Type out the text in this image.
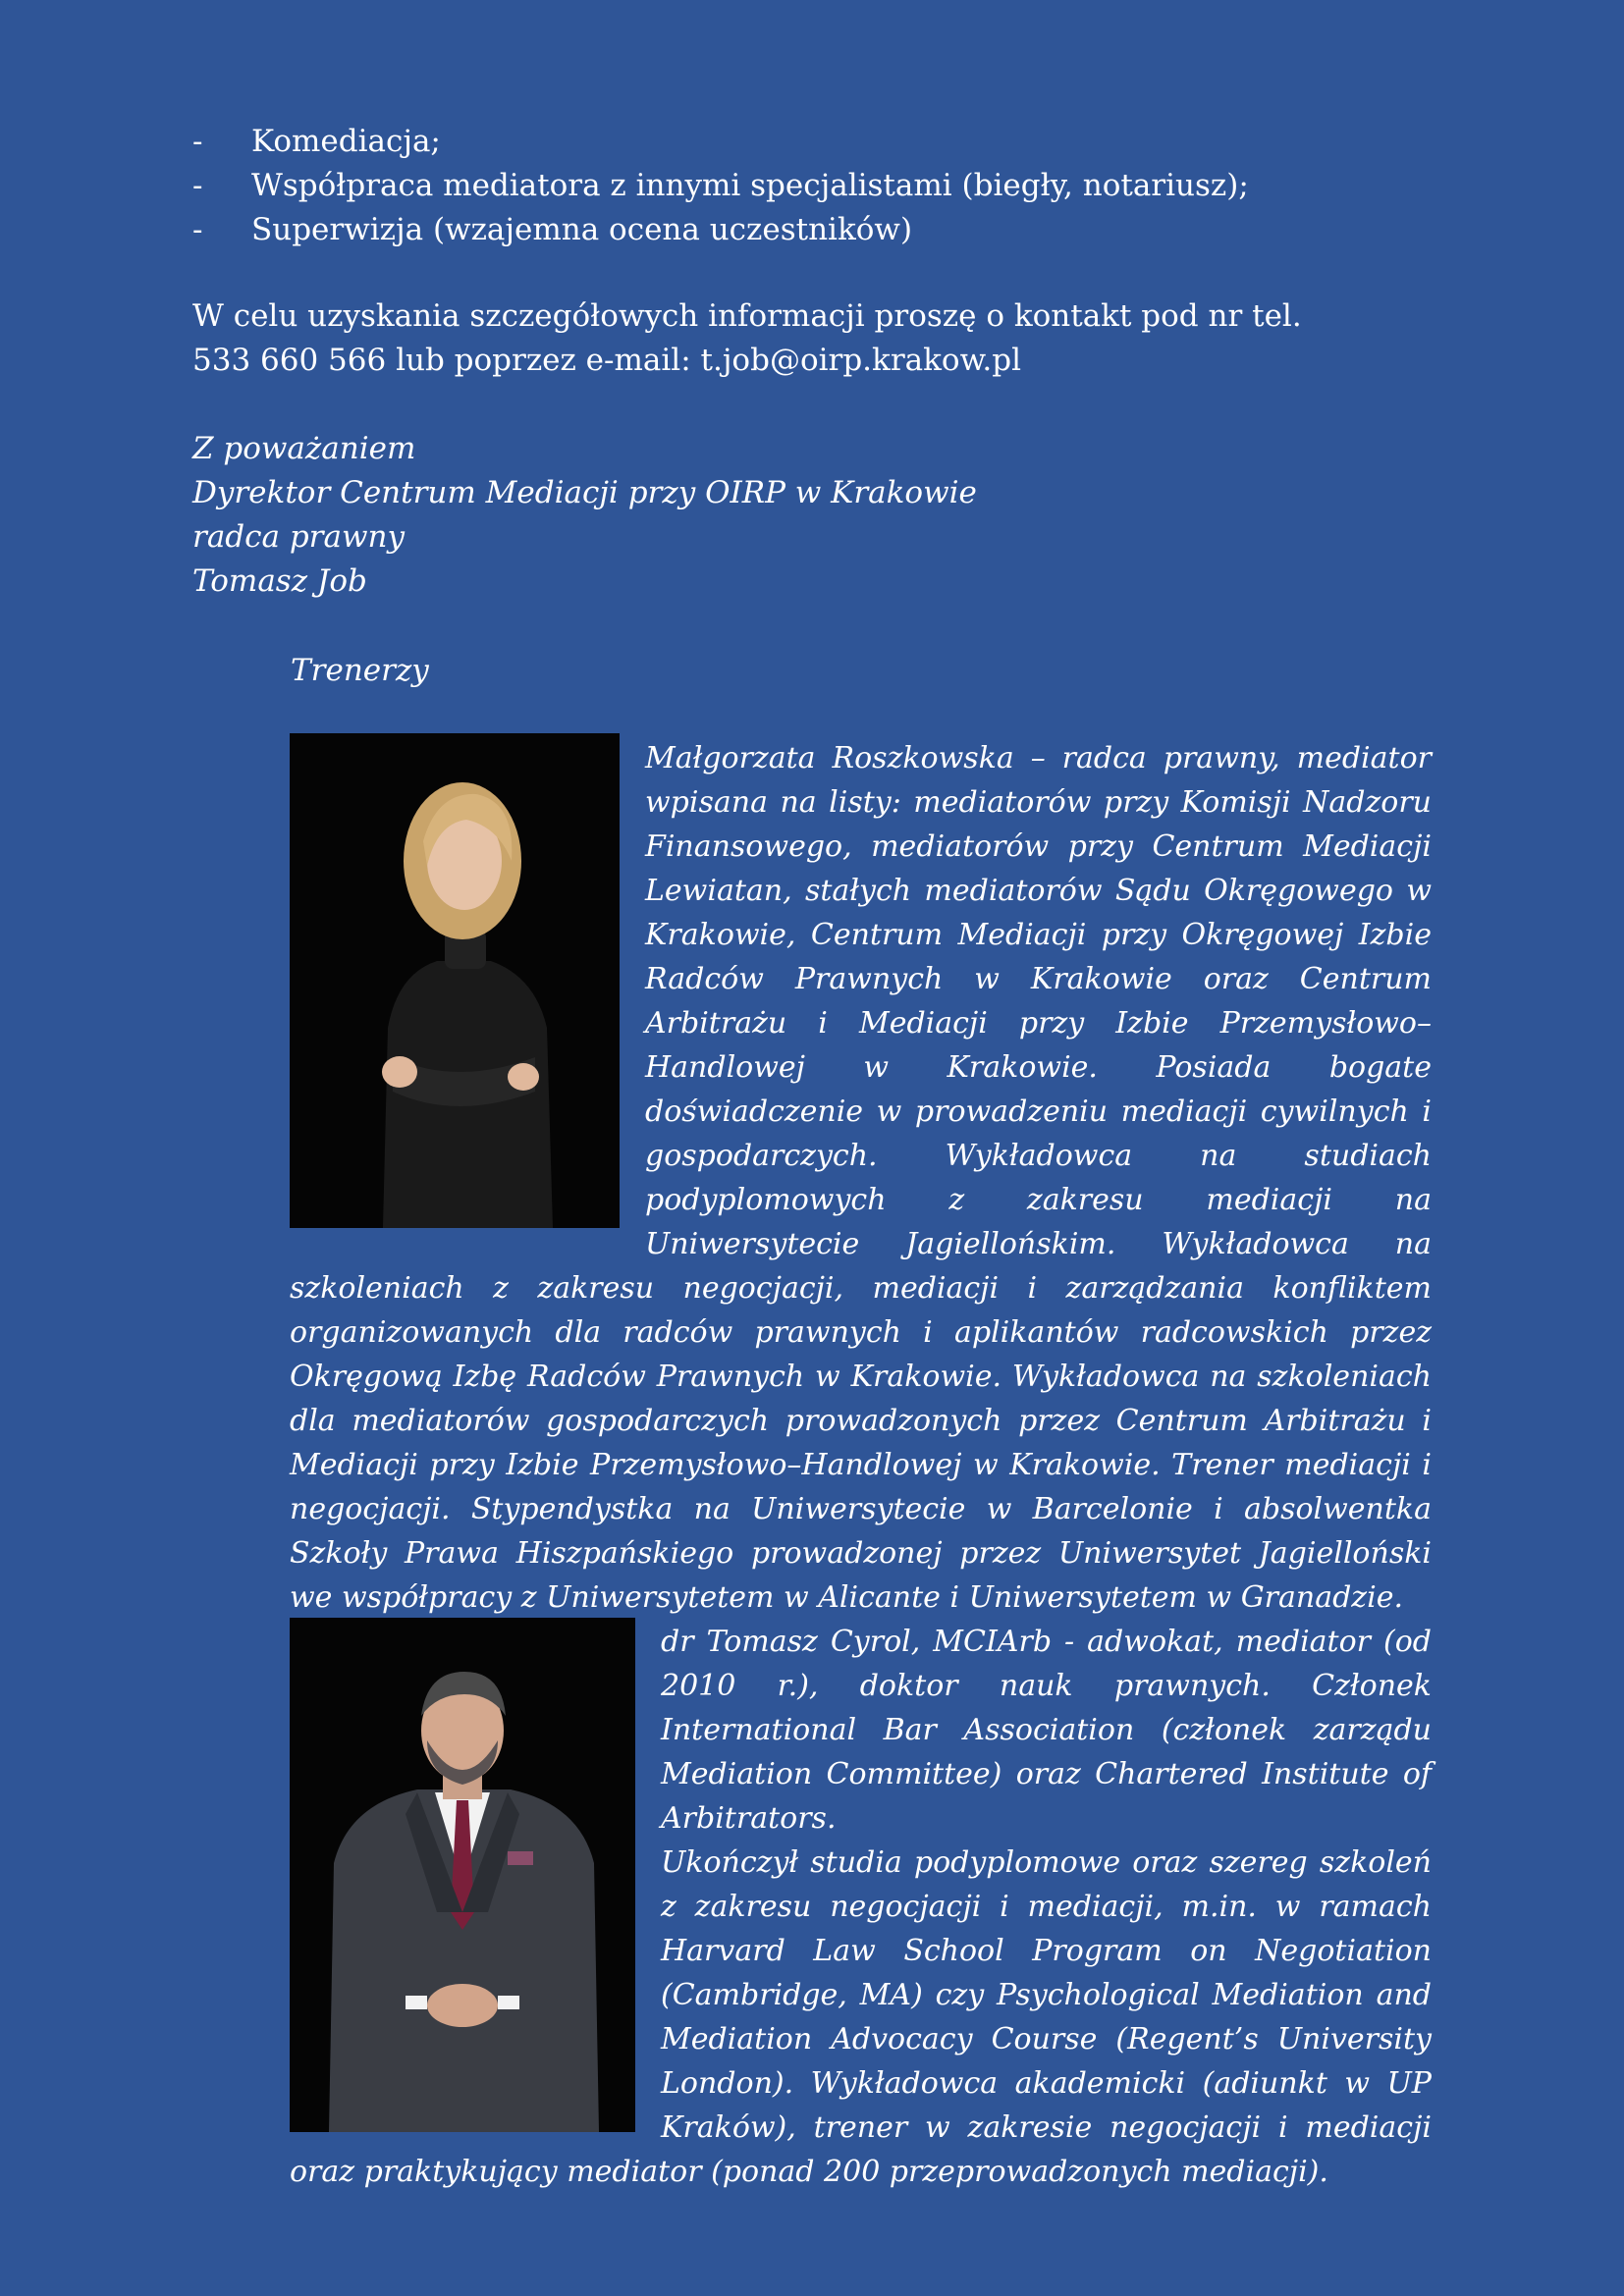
-	Komediacja;
-	Współpraca mediatora z innymi specjalistami (biegły, notariusz);
-	Superwizja (wzajemna ocena uczestników)
W celu uzyskania szczegółowych informacji proszę o kontakt pod nr tel.
533 660 566 lub poprzez e-mail: t.job@oirp.krakow.pl
Z poważaniem
Dyrektor Centrum Mediacji przy OIRP w Krakowie
radca prawny
Tomasz Job
Trenerzy

Małgorzata Roszkowska – radca prawny, mediator wpisana na listy: mediatorów przy Komisji Nadzoru Finansowego, mediatorów przy Centrum Mediacji Lewiatan, stałych mediatorów Sądu Okręgowego w Krakowie, Centrum Mediacji przy Okręgowej Izbie Radców Prawnych w Krakowie oraz Centrum Arbitrażu i Mediacji przy Izbie Przemysłowo–Handlowej w Krakowie. Posiada bogate doświadczenie w prowadzeniu mediacji cywilnych i gospodarczych. Wykładowca na studiach podyplomowych z zakresu mediacji na Uniwersytecie Jagiellońskim. Wykładowca na szkoleniach z zakresu negocjacji, mediacji i zarządzania konfliktem organizowanych dla radców prawnych i aplikantów radcowskich przez Okręgową Izbę Radców Prawnych w Krakowie. Wykładowca na szkoleniach dla mediatorów gospodarczych prowadzonych przez Centrum Arbitrażu i Mediacji przy Izbie Przemysłowo–Handlowej w Krakowie. Trener mediacji i negocjacji. Stypendystka na Uniwersytecie w Barcelonie i absolwentka Szkoły Prawa Hiszpańskiego prowadzonej przez Uniwersytet Jagielloński we współpracy z Uniwersytetem w Alicante i Uniwersytetem w Granadzie.

dr Tomasz Cyrol, MCIArb - adwokat, mediator (od 2010 r.), doktor nauk prawnych. Członek International Bar Association (członek zarządu Mediation Committee) oraz Chartered Institute of Arbitrators.

Ukończył studia podyplomowe oraz szereg szkoleń z zakresu negocjacji i mediacji, m.in. w ramach Harvard Law School Program on Negotiation (Cambridge, MA) czy Psychological Mediation and Mediation Advocacy Course (Regent’s University London). Wykładowca akademicki (adiunkt w UP Kraków), trener w zakresie negocjacji i mediacji oraz praktykujący mediator (ponad 200 przeprowadzonych mediacji).
